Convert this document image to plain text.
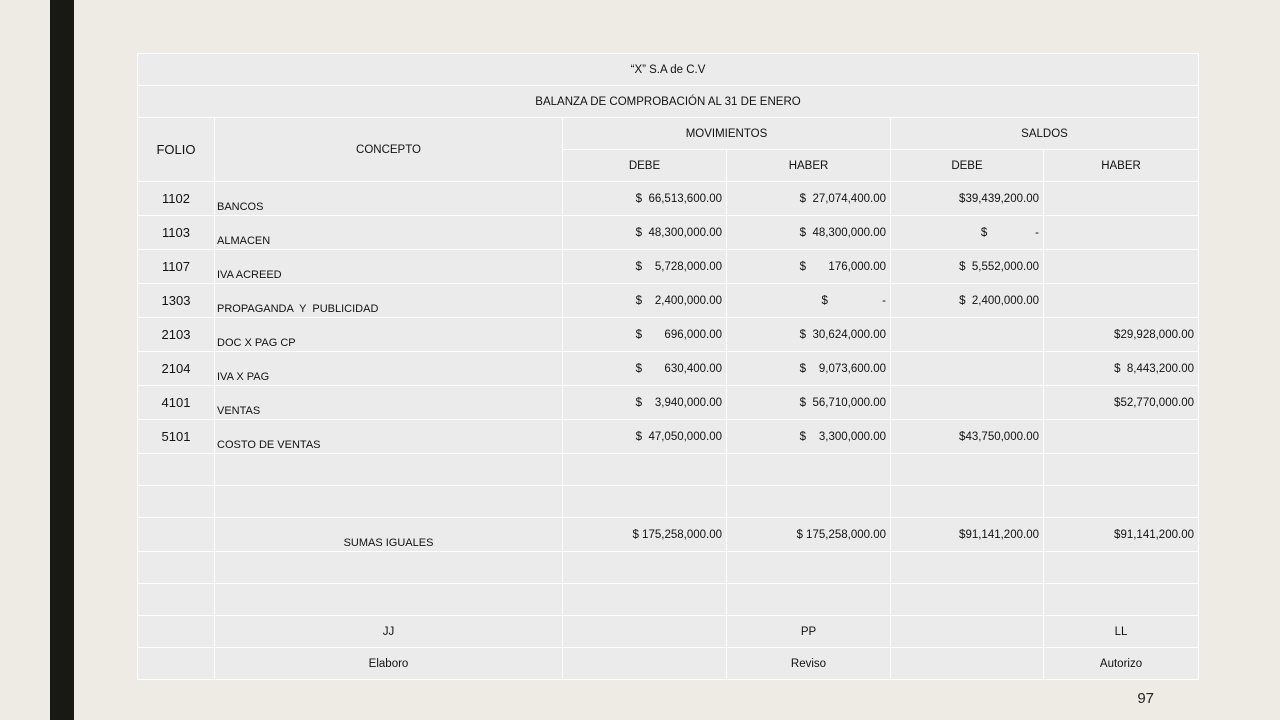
“X” S.A de C.V					
BALANZA DE COMPROBACIÓN AL 31 DE ENERO					
FOLIO	CONCEPTO	MOVIMIENTOS		SALDOS	
		DEBE	HABER	DEBE	HABER
1102	BANCOS	$  66,513,600.00	$  27,074,400.00	$39,439,200.00	
1103	ALMACEN	$  48,300,000.00	$  48,300,000.00	$               -	
1107	IVA ACREED	$    5,728,000.00	$       176,000.00	$  5,552,000.00	
1303	PROPAGANDA  Y  PUBLICIDAD	$    2,400,000.00	$                 -	$  2,400,000.00	
2103	DOC X PAG CP	$       696,000.00	$  30,624,000.00		$29,928,000.00
2104	IVA X PAG	$       630,400.00	$    9,073,600.00		$  8,443,200.00
4101	VENTAS	$    3,940,000.00	$  56,710,000.00		$52,770,000.00
5101	COSTO DE VENTAS	$  47,050,000.00	$    3,300,000.00	$43,750,000.00	

	SUMAS IGUALES	$ 175,258,000.00	$ 175,258,000.00	$91,141,200.00	$91,141,200.00

	JJ		PP		LL
	Elaboro		Reviso		Autorizo
97
